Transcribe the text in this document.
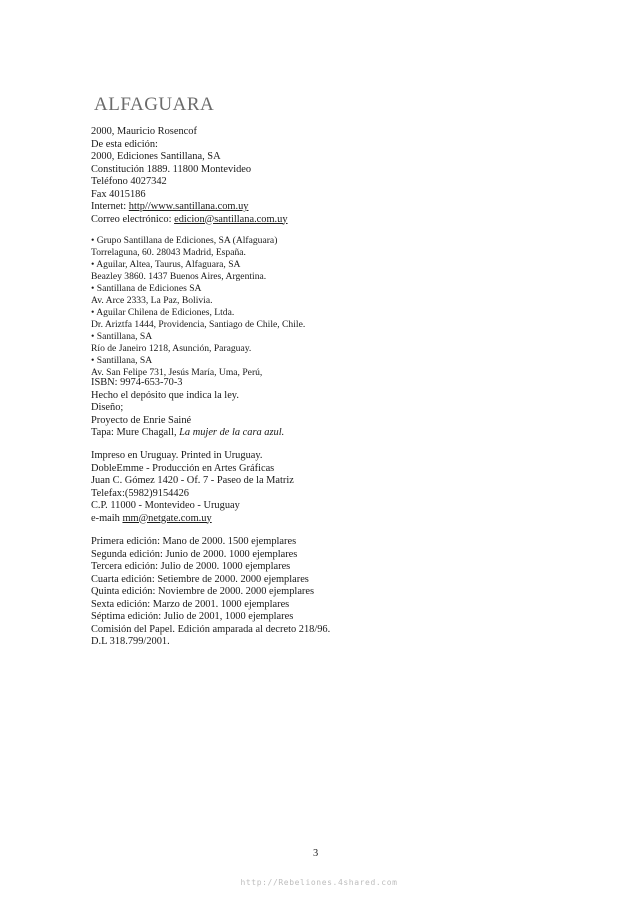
ALFAGUARA
2000, Mauricio Rosencof
De esta edición:
2000, Ediciones Santillana, SA
Constitución 1889. 11800 Montevideo
Teléfono 4027342
Fax 4015186
Internet: http//www.santillana.com.uy
Correo electrónico: edicion@santillana.com.uy
• Grupo Santillana de Ediciones, SA (Alfaguara)
Torrelaguna, 60. 28043 Madrid, España.
• Aguilar, Altea, Taurus, Alfaguara, SA
Beazley 3860. 1437 Buenos Aires, Argentina.
• Santillana de Ediciones SA
Av. Arce 2333, La Paz, Bolivia.
• Aguilar Chilena de Ediciones, Ltda.
Dr. Ariztfa 1444, Providencia, Santiago de Chile, Chile.
• Santillana, SA
Río de Janeiro 1218, Asunción, Paraguay.
• Santillana, SA
Av. San Felipe 731, Jesús María, Uma, Perú,
ISBN: 9974-653-70-3
Hecho el depósito que indica la ley.
Diseño;
Proyecto de Enrie Sainé
Tapa: Mure Chagall, La mujer de la cara azul.
Impreso en Uruguay. Printed in Uruguay.
DobleEmme - Producción en Artes Gráficas
Juan C. Gómez 1420 - Of. 7 - Paseo de la Matriz
Telefax:(5982)9154426
C.P. 11000 - Montevideo - Uruguay
e-maih mm@netgate.com.uy
Primera edición: Mano de 2000. 1500 ejemplares
Segunda edición: Junio de 2000. 1000 ejemplares
Tercera edición: Julio de 2000. 1000 ejemplares
Cuarta edición: Setiembre de 2000. 2000 ejemplares
Quinta edición: Noviembre de 2000. 2000 ejemplares
Sexta edición: Marzo de 2001. 1000 ejemplares
Séptima edición: Julio de 2001, 1000 ejemplares
Comisión del Papel. Edición amparada al decreto 218/96.
D.L 318.799/2001.
3
http://Rebeliones.4shared.com
